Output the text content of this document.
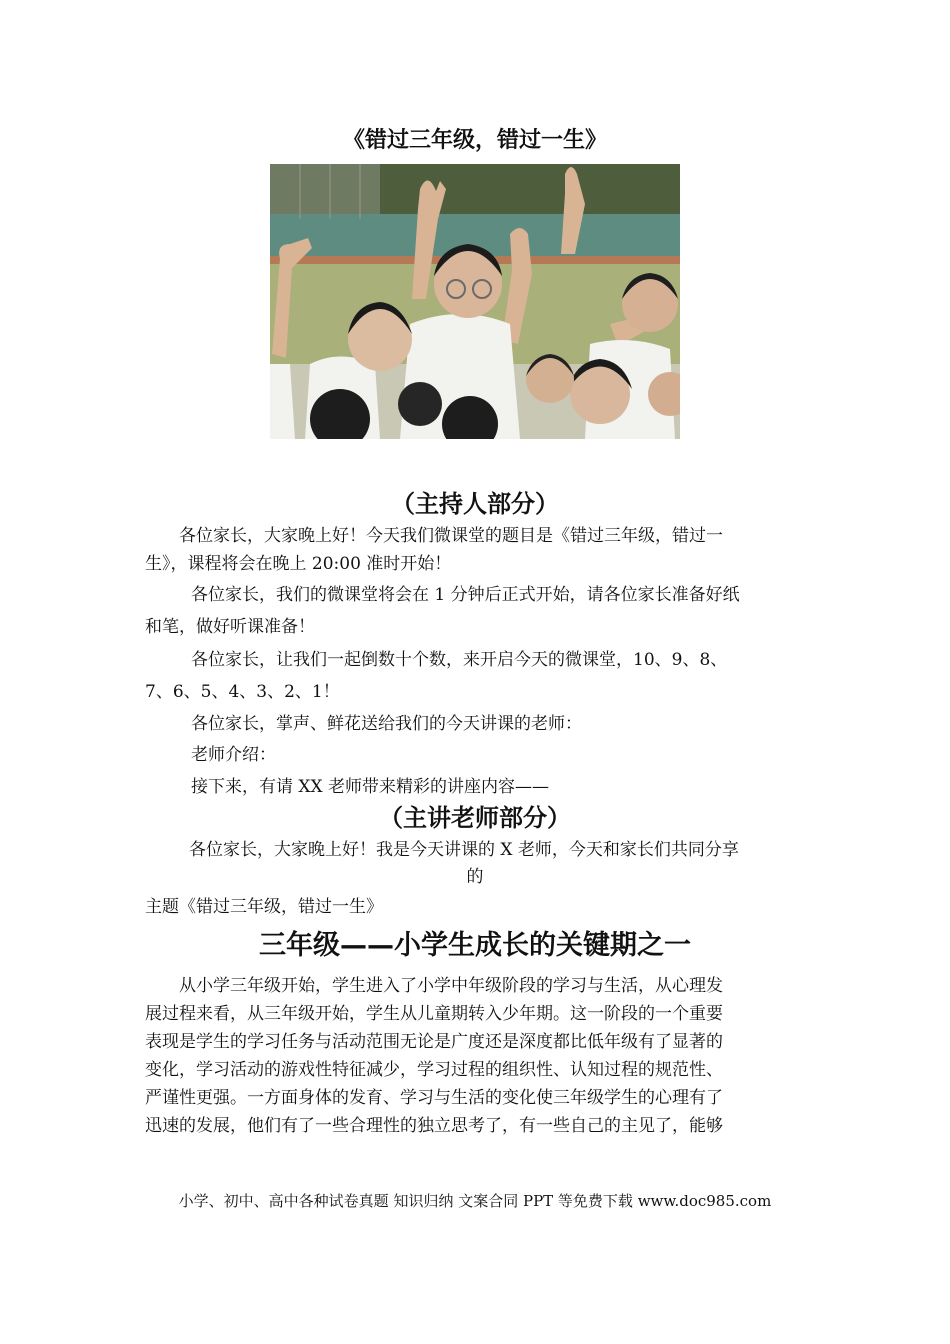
《错过三年级，错过一生》
（主持人部分）

各位家长，大家晚上好！今天我们微课堂的题目是《错过三年级，错过一

生》，课程将会在晚上 20:00 准时开始！

各位家长，我们的微课堂将会在 1 分钟后正式开始，请各位家长准备好纸

和笔，做好听课准备！

各位家长，让我们一起倒数十个数，来开启今天的微课堂，10、9、8、

7、6、5、4、3、2、1！

各位家长，掌声、鲜花送给我们的今天讲课的老师：

老师介绍：

接下来，有请 XX 老师带来精彩的讲座内容——

（主讲老师部分）

各位家长，大家晚上好！我是今天讲课的 X 老师，今天和家长们共同分享

的

主题《错过三年级，错过一生》

三年级——小学生成长的关键期之一

从小学三年级开始，学生进入了小学中年级阶段的学习与生活，从心理发

展过程来看，从三年级开始，学生从儿童期转入少年期。这一阶段的一个重要

表现是学生的学习任务与活动范围无论是广度还是深度都比低年级有了显著的

变化，学习活动的游戏性特征减少，学习过程的组织性、认知过程的规范性、

严谨性更强。一方面身体的发育、学习与生活的变化使三年级学生的心理有了

迅速的发展，他们有了一些合理性的独立思考了，有一些自己的主见了，能够

小学、初中、高中各种试卷真题 知识归纳 文案合同 PPT 等免费下载 www.doc985.com
